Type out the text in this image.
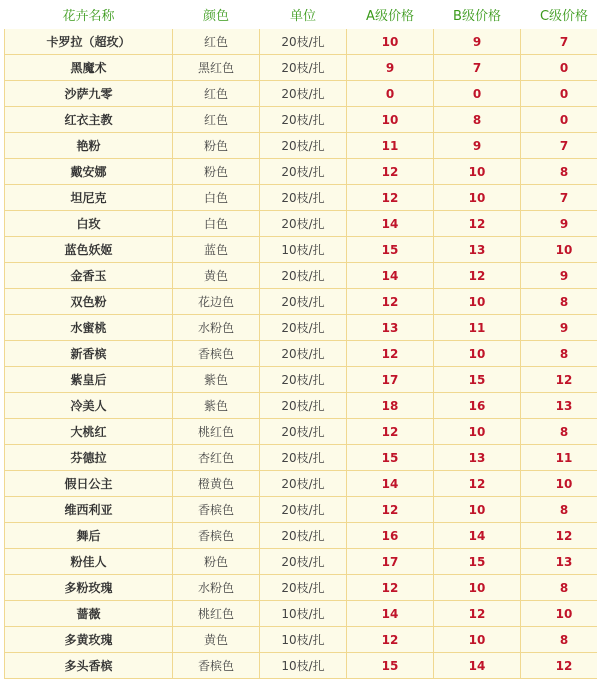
花卉名称	颜色	单位	A级价格	B级价格	C级价格	
卡罗拉（超玫）	红色	20枝/扎	10	9	7	
黑魔术	黑红色	20枝/扎	9	7	0	
沙萨九零	红色	20枝/扎	0	0	0	
红衣主教	红色	20枝/扎	10	8	0	
艳粉	粉色	20枝/扎	11	9	7	
戴安娜	粉色	20枝/扎	12	10	8	
坦尼克	白色	20枝/扎	12	10	7	
白玫	白色	20枝/扎	14	12	9	
蓝色妖姬	蓝色	10枝/扎	15	13	10	
金香玉	黄色	20枝/扎	14	12	9	
双色粉	花边色	20枝/扎	12	10	8	
水蜜桃	水粉色	20枝/扎	13	11	9	
新香槟	香槟色	20枝/扎	12	10	8	
紫皇后	紫色	20枝/扎	17	15	12	
冷美人	紫色	20枝/扎	18	16	13	
大桃红	桃红色	20枝/扎	12	10	8	
芬德拉	杏红色	20枝/扎	15	13	11	
假日公主	橙黄色	20枝/扎	14	12	10	
维西利亚	香槟色	20枝/扎	12	10	8	
舞后	香槟色	20枝/扎	16	14	12	
粉佳人	粉色	20枝/扎	17	15	13	
多粉玫瑰	水粉色	20枝/扎	12	10	8	
蔷薇	桃红色	10枝/扎	14	12	10	
多黄玫瑰	黄色	10枝/扎	12	10	8	
多头香槟	香槟色	10枝/扎	15	14	12	
